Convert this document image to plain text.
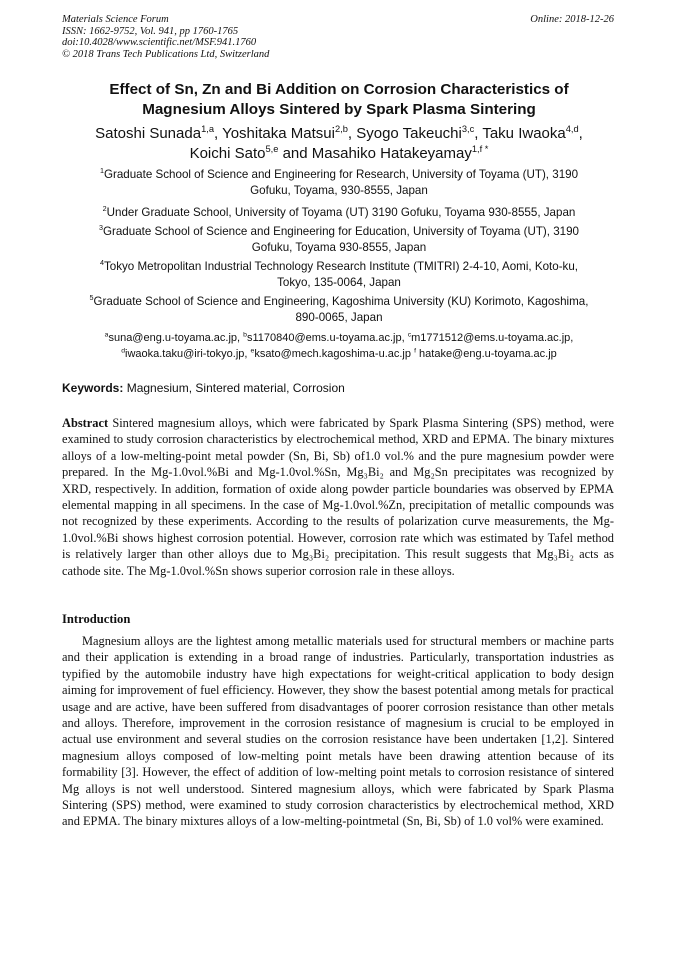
Materials Science Forum
ISSN: 1662-9752, Vol. 941, pp 1760-1765
doi:10.4028/www.scientific.net/MSF.941.1760
© 2018 Trans Tech Publications Ltd, Switzerland
Online: 2018-12-26
Effect of Sn, Zn and Bi Addition on Corrosion Characteristics of
Magnesium Alloys Sintered by Spark Plasma Sintering
Satoshi Sunada$^{1,a}$, Yoshitaka Matsui$^{2,b}$, Syogo Takeuchi$^{3,c}$, Taku Iwaoka$^{4,d}$,
Koichi Sato$^{5,e}$ and Masahiko Hatakeyamay$^{1,f *}$
$^1$Graduate School of Science and Engineering for Research, University of Toyama (UT), 3190
Gofuku, Toyama, 930-8555, Japan
$^2$Under Graduate School, University of Toyama (UT) 3190 Gofuku, Toyama 930-8555, Japan
$^3$Graduate School of Science and Engineering for Education, University of Toyama (UT), 3190
Gofuku, Toyama 930-8555, Japan
$^4$Tokyo Metropolitan Industrial Technology Research Institute (TMITRI) 2-4-10, Aomi, Koto-ku,
Tokyo, 135-0064, Japan
$^5$Graduate School of Science and Engineering, Kagoshima University (KU) Korimoto, Kagoshima,
890-0065, Japan
$^a$suna@eng.u-toyama.ac.jp, $^b$s1170840@ems.u-toyama.ac.jp, $^c$m1771512@ems.u-toyama.ac.jp,
$^d$iwaoka.taku@iri-tokyo.jp, $^e$ksato@mech.kagoshima-u.ac.jp $^f$ hatake@eng.u-toyama.ac.jp
Keywords: Magnesium, Sintered material, Corrosion
Abstract Sintered magnesium alloys, which were fabricated by Spark Plasma Sintering (SPS) method, were examined to study corrosion characteristics by electrochemical method, XRD and EPMA. The binary mixtures alloys of a low-melting-point metal powder (Sn, Bi, Sb) of1.0 vol.% and the pure magnesium powder were prepared. In the Mg-1.0vol.%Bi and Mg-1.0vol.%Sn, Mg₃Bi₂ and Mg₂Sn precipitates was recognized by XRD, respectively. In addition, formation of oxide along powder particle boundaries was observed by EPMA elemental mapping in all specimens. In the case of Mg-1.0vol.%Zn, precipitation of metallic compounds was not recognized by these experiments. According to the results of polarization curve measurements, the Mg-1.0vol.%Bi shows highest corrosion potential. However, corrosion rate which was estimated by Tafel method is relatively larger than other alloys due to Mg₃Bi₂ precipitation. This result suggests that Mg₃Bi₂ acts as cathode site. The Mg-1.0vol.%Sn shows superior corrosion rale in these alloys.
Introduction
Magnesium alloys are the lightest among metallic materials used for structural members or machine parts and their application is extending in a broad range of industries. Particularly, transportation industries as typified by the automobile industry have high expectations for weight-critical application to body design aiming for improvement of fuel efficiency. However, they show the basest potential among metals for practical usage and are active, have been suffered from disadvantages of poorer corrosion resistance than other metals and alloys. Therefore, improvement in the corrosion resistance of magnesium is crucial to be employed in actual use environment and several studies on the corrosion resistance have been undertaken [1,2]. Sintered magnesium alloys composed of low-melting point metals have been drawing attention because of its formability [3]. However, the effect of addition of low-melting point metals to corrosion resistance of sintered Mg alloys is not well understood. Sintered magnesium alloys, which were fabricated by Spark Plasma Sintering (SPS) method, were examined to study corrosion characteristics by electrochemical method, XRD and EPMA. The binary mixtures alloys of a low-melting-pointmetal (Sn, Bi, Sb) of 1.0 vol% were examined.
